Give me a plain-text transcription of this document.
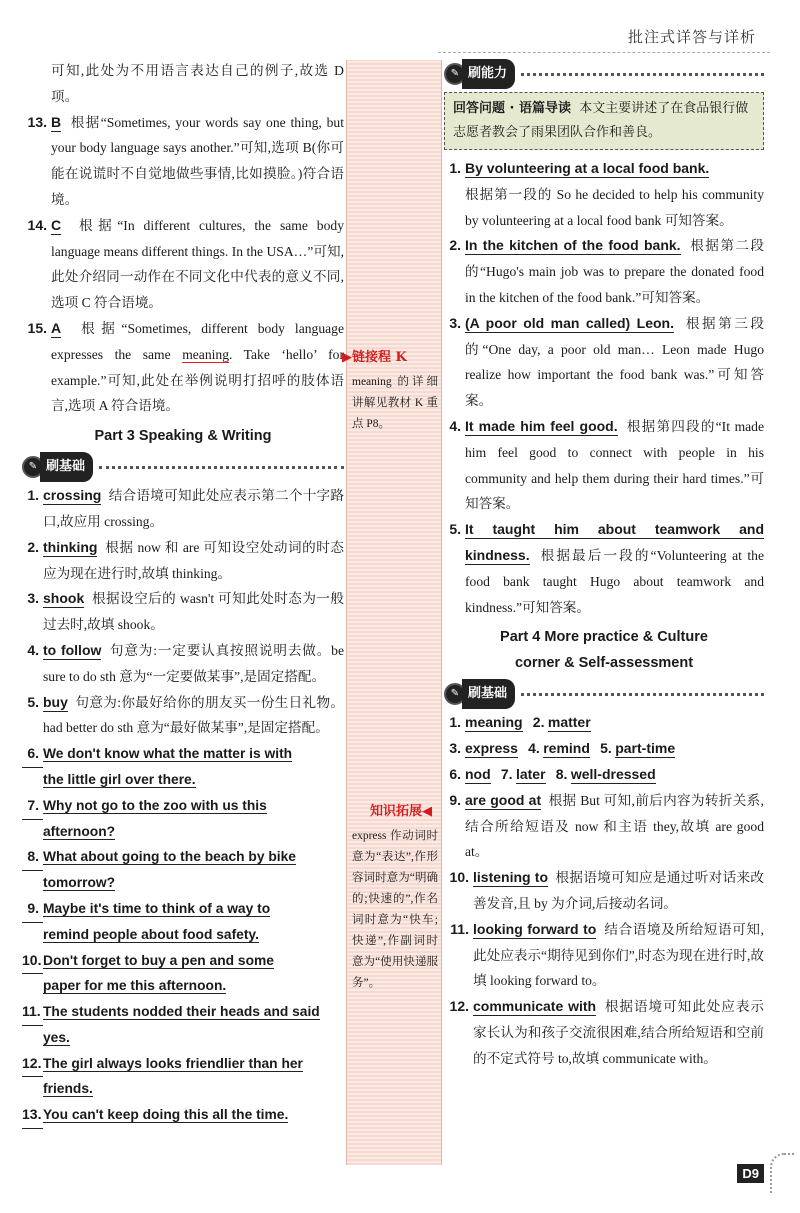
批注式详答与详析
可知,此处为不用语言表达自己的例子,故选 D 项。
13. B 根据“Sometimes, your words say one thing, but your body language says another.”可知,选项 B(你可能在说谎时不自觉地做些事情,比如摸脸。)符合语境。
14. C 根据“In different cultures, the same body language means different things. In the USA…”可知,此处介绍同一动作在不同文化中代表的意义不同,选项 C 符合语境。
15. A 根据“Sometimes, different body language expresses the same meaning. Take ‘hello’ for example.”可知,此处在举例说明打招呼的肢体语言,选项 A 符合语境。
Part 3 Speaking & Writing
✎ 刷基础
1. crossing 结合语境可知此处应表示第二个十字路口,故应用 crossing。
2. thinking 根据 now 和 are 可知设空处动词的时态应为现在进行时,故填 thinking。
3. shook 根据设空后的 wasn't 可知此处时态为一般过去时,故填 shook。
4. to follow 句意为:一定要认真按照说明去做。be sure to do sth 意为“一定要做某事”,是固定搭配。
5. buy 句意为:你最好给你的朋友买一份生日礼物。had better do sth 意为“最好做某事”,是固定搭配。
6. We don't know what the matter is with
the little girl over there.
7. Why not go to the zoo with us this
afternoon?
8. What about going to the beach by bike
tomorrow?
9. Maybe it's time to think of a way to
remind people about food safety.
10. Don't forget to buy a pen and some
paper for me this afternoon.
11. The students nodded their heads and said
yes.
12. The girl always looks friendlier than her
friends.
13. You can't keep doing this all the time.
▶链接程 K
meaning 的详细讲解见教材 K 重点 P8。
知识拓展◀
express 作动词时意为“表达”,作形容词时意为“明确的;快速的”,作名词时意为“快车;快递”,作副词时意为“使用快递服务”。
✎ 刷能力
回答问题 · 语篇导读 本文主要讲述了在食品银行做志愿者教会了雨果团队合作和善良。
1. By volunteering at a local food bank.
根据第一段的 So he decided to help his community by volunteering at a local food bank 可知答案。
2. In the kitchen of the food bank. 根据第二段的“Hugo's main job was to prepare the donated food in the kitchen of the food bank.”可知答案。
3. (A poor old man called) Leon. 根据第三段的“One day, a poor old man… Leon made Hugo realize how important the food bank was.”可知答案。
4. It made him feel good. 根据第四段的“It made him feel good to connect with people in his community and help them during their hard times.”可知答案。
5. It taught him about teamwork and kindness. 根据最后一段的“Volunteering at the food bank taught Hugo about teamwork and kindness.”可知答案。
Part 4 More practice & Culture
corner & Self-assessment
✎ 刷基础
1. meaning 2. matter
3. express 4. remind 5. part-time
6. nod 7. later 8. well-dressed
9. are good at 根据 But 可知,前后内容为转折关系,结合所给短语及 now 和主语 they,故填 are good at。
10. listening to 根据语境可知应是通过听对话来改善发音,且 by 为介词,后接动名词。
11. looking forward to 结合语境及所给短语可知,此处应表示“期待见到你们”,时态为现在进行时,故填 looking forward to。
12. communicate with 根据语境可知此处应表示家长认为和孩子交流很困难,结合所给短语和空前的不定式符号 to,故填 communicate with。
D9
